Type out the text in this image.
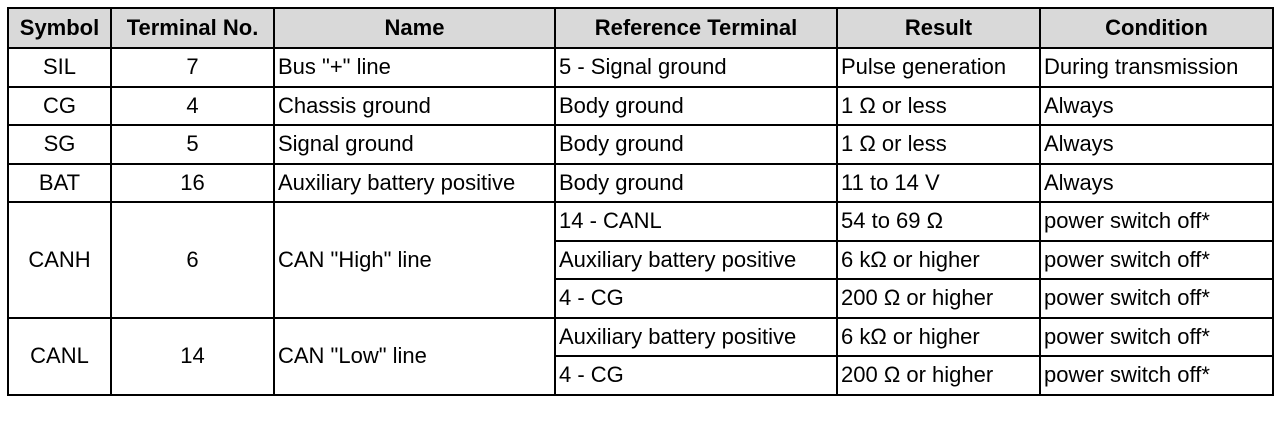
Symbol	Terminal No.	Name	Reference Terminal	Result	Condition
SIL	7	Bus "+" line	5 - Signal ground	Pulse generation	During transmission
CG	4	Chassis ground	Body ground	1 Ω or less	Always
SG	5	Signal ground	Body ground	1 Ω or less	Always
BAT	16	Auxiliary battery positive	Body ground	11 to 14 V	Always
CANH	6	CAN "High" line	14 - CANL	54 to 69 Ω	power switch off*
			Auxiliary battery positive	6 kΩ or higher	power switch off*
			4 - CG	200 Ω or higher	power switch off*
CANL	14	CAN "Low" line	Auxiliary battery positive	6 kΩ or higher	power switch off*
			4 - CG	200 Ω or higher	power switch off*
